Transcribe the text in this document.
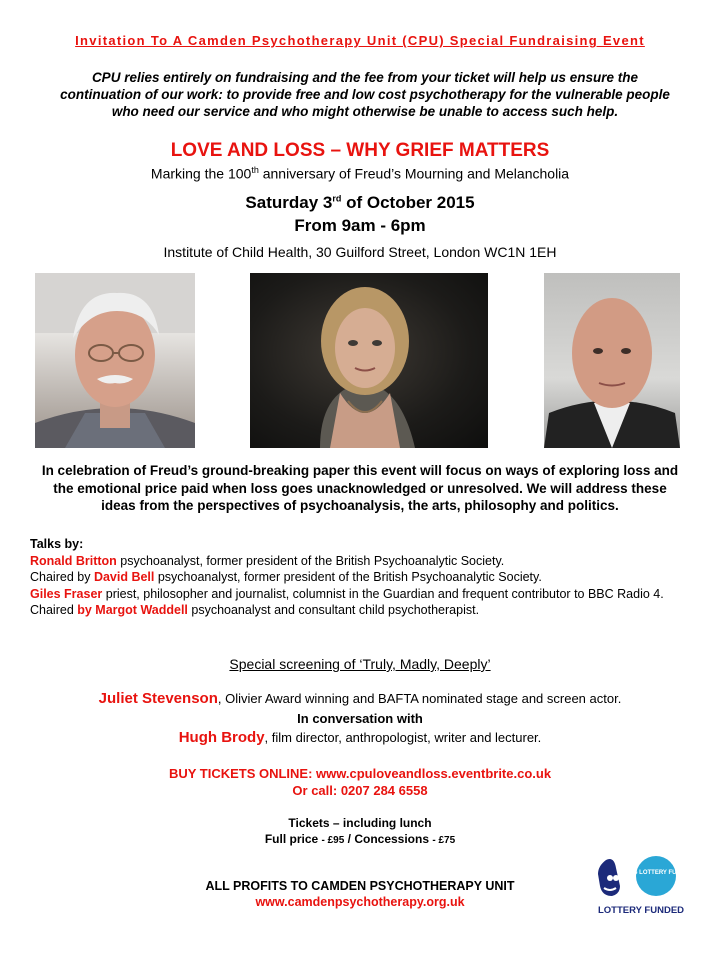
Invitation To A Camden Psychotherapy Unit (CPU) Special Fundraising Event
CPU relies entirely on fundraising and the fee from your ticket will help us ensure the continuation of our work: to provide free and low cost psychotherapy for the vulnerable people who need our service and who might otherwise be unable to access such help.
LOVE AND LOSS – WHY GRIEF MATTERS
Marking the 100th anniversary of Freud’s Mourning and Melancholia
Saturday 3rd of October 2015
From 9am - 6pm
Institute of Child Health, 30 Guilford Street, London WC1N 1EH
In celebration of Freud’s ground-breaking paper this event will focus on ways of exploring loss and the emotional price paid when loss goes unacknowledged or unresolved. We will address these ideas from the perspectives of psychoanalysis, the arts, philosophy and politics.
Talks by:
Ronald Britton psychoanalyst, former president of the British Psychoanalytic Society.
Chaired by David Bell psychoanalyst, former president of the British Psychoanalytic Society.
Giles Fraser priest, philosopher and journalist, columnist in the Guardian and frequent contributor to BBC Radio 4.
Chaired by Margot Waddell psychoanalyst and consultant child psychotherapist.
Special screening of ‘Truly, Madly, Deeply’
Juliet Stevenson, Olivier Award winning and BAFTA nominated stage and screen actor.
In conversation with
Hugh Brody, film director, anthropologist, writer and lecturer.
BUY TICKETS ONLINE: www.cpuloveandloss.eventbrite.co.uk
Or call: 0207 284 6558
Tickets – including lunch
Full price - £95 / Concessions - £75
ALL PROFITS TO CAMDEN PSYCHOTHERAPY UNIT
www.camdenpsychotherapy.org.uk
BIG LOTTERY FUND
LOTTERY FUNDED
